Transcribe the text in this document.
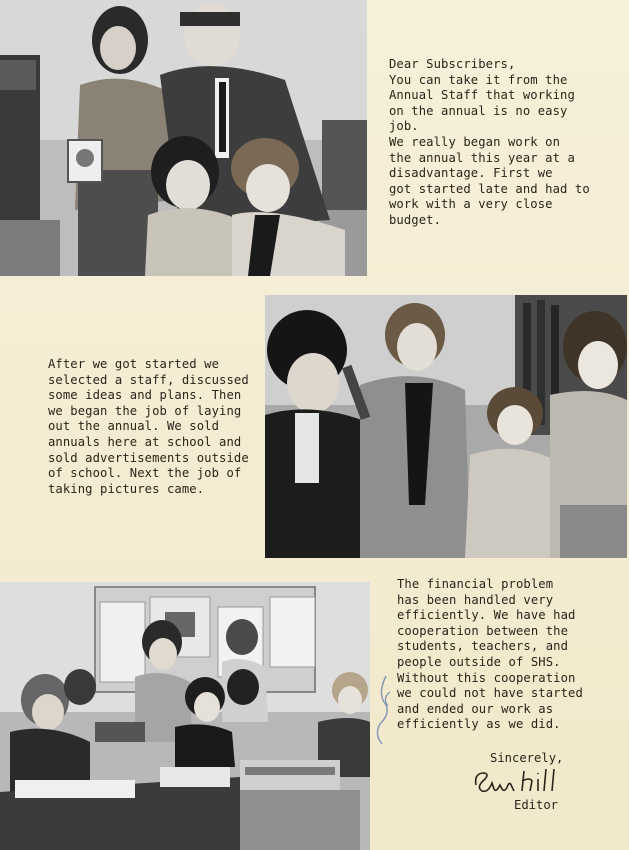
Dear Subscribers,
You can take it from the
Annual Staff that working
on the annual is no easy
job.
We really began work on
the annual this year at a
disadvantage. First we
got started late and had to
work with a very close
budget.
After we got started we
selected a staff, discussed
some ideas and plans. Then
we began the job of laying
out the annual. We sold
annuals here at school and
sold advertisements outside
of school. Next the job of
taking pictures came.
The financial problem
has been handled very
efficiently. We have had
cooperation between the
students, teachers, and
people outside of SHS.
Without this cooperation
we could not have started
and ended our work as
efficiently as we did.
Sincerely,
Editor
